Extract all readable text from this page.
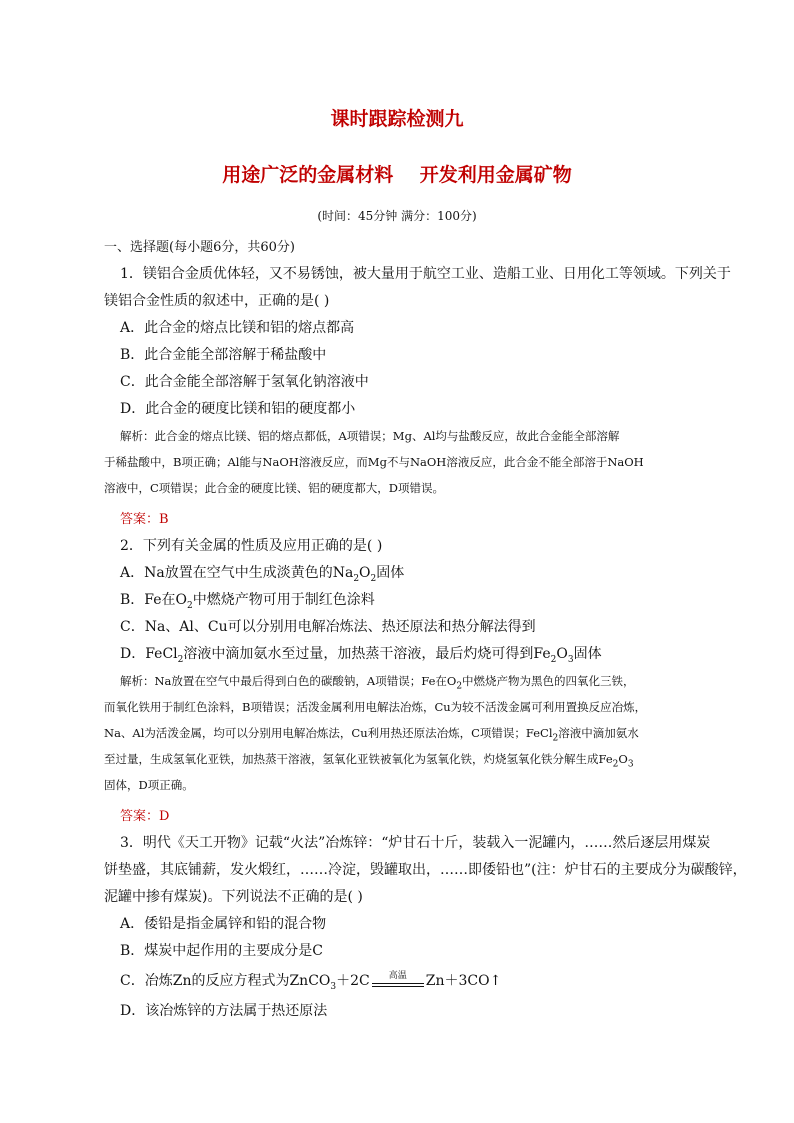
课时跟踪检测九
用途广泛的金属材料    开发利用金属矿物
(时间：45分钟 满分：100分)
一、选择题(每小题6分，共60分)
1．镁铝合金质优体轻，又不易锈蚀，被大量用于航空工业、造船工业、日用化工等领域。下列关于
镁铝合金性质的叙述中，正确的是( )
A．此合金的熔点比镁和铝的熔点都高
B．此合金能全部溶解于稀盐酸中
C．此合金能全部溶解于氢氧化钠溶液中
D．此合金的硬度比镁和铝的硬度都小
解析：此合金的熔点比镁、铝的熔点都低，A项错误；Mg、Al均与盐酸反应，故此合金能全部溶解
于稀盐酸中，B项正确；Al能与NaOH溶液反应，而Mg不与NaOH溶液反应，此合金不能全部溶于NaOH
溶液中，C项错误；此合金的硬度比镁、铝的硬度都大，D项错误。
答案：B
2．下列有关金属的性质及应用正确的是( )
A．Na放置在空气中生成淡黄色的$Na_2O_2$固体
B．Fe在$O_2$中燃烧产物可用于制红色涂料
C．Na、Al、Cu可以分别用电解冶炼法、热还原法和热分解法得到
D．FeCl$_2$溶液中滴加氨水至过量，加热蒸干溶液，最后灼烧可得到$Fe_2O_3$固体
解析：Na放置在空气中最后得到白色的碳酸钠，A项错误；Fe在$O_2$中燃烧产物为黑色的四氧化三铁，
而氧化铁用于制红色涂料，B项错误；活泼金属利用电解法冶炼，Cu为较不活泼金属可利用置换反应冶炼，
Na、Al为活泼金属，均可以分别用电解冶炼法，Cu利用热还原法冶炼，C项错误；FeCl$_2$溶液中滴加氨水
至过量，生成氢氧化亚铁，加热蒸干溶液，氢氧化亚铁被氧化为氢氧化铁，灼烧氢氧化铁分解生成$Fe_2O_3$
固体，D项正确。
答案：D
3．明代《天工开物》记载“火法”冶炼锌：“炉甘石十斤，装载入一泥罐内，……然后逐层用煤炭
饼垫盛，其底铺薪，发火煅红，……冷淀，毁罐取出，……即倭铅也”(注：炉甘石的主要成分为碳酸锌，
泥罐中掺有煤炭)。下列说法不正确的是( )
A．倭铅是指金属锌和铅的混合物
B．煤炭中起作用的主要成分是C
C．冶炼Zn的反应方程式为ZnCO$_3$＋2C	高温	Zn＋3CO↑
D．该冶炼锌的方法属于热还原法
